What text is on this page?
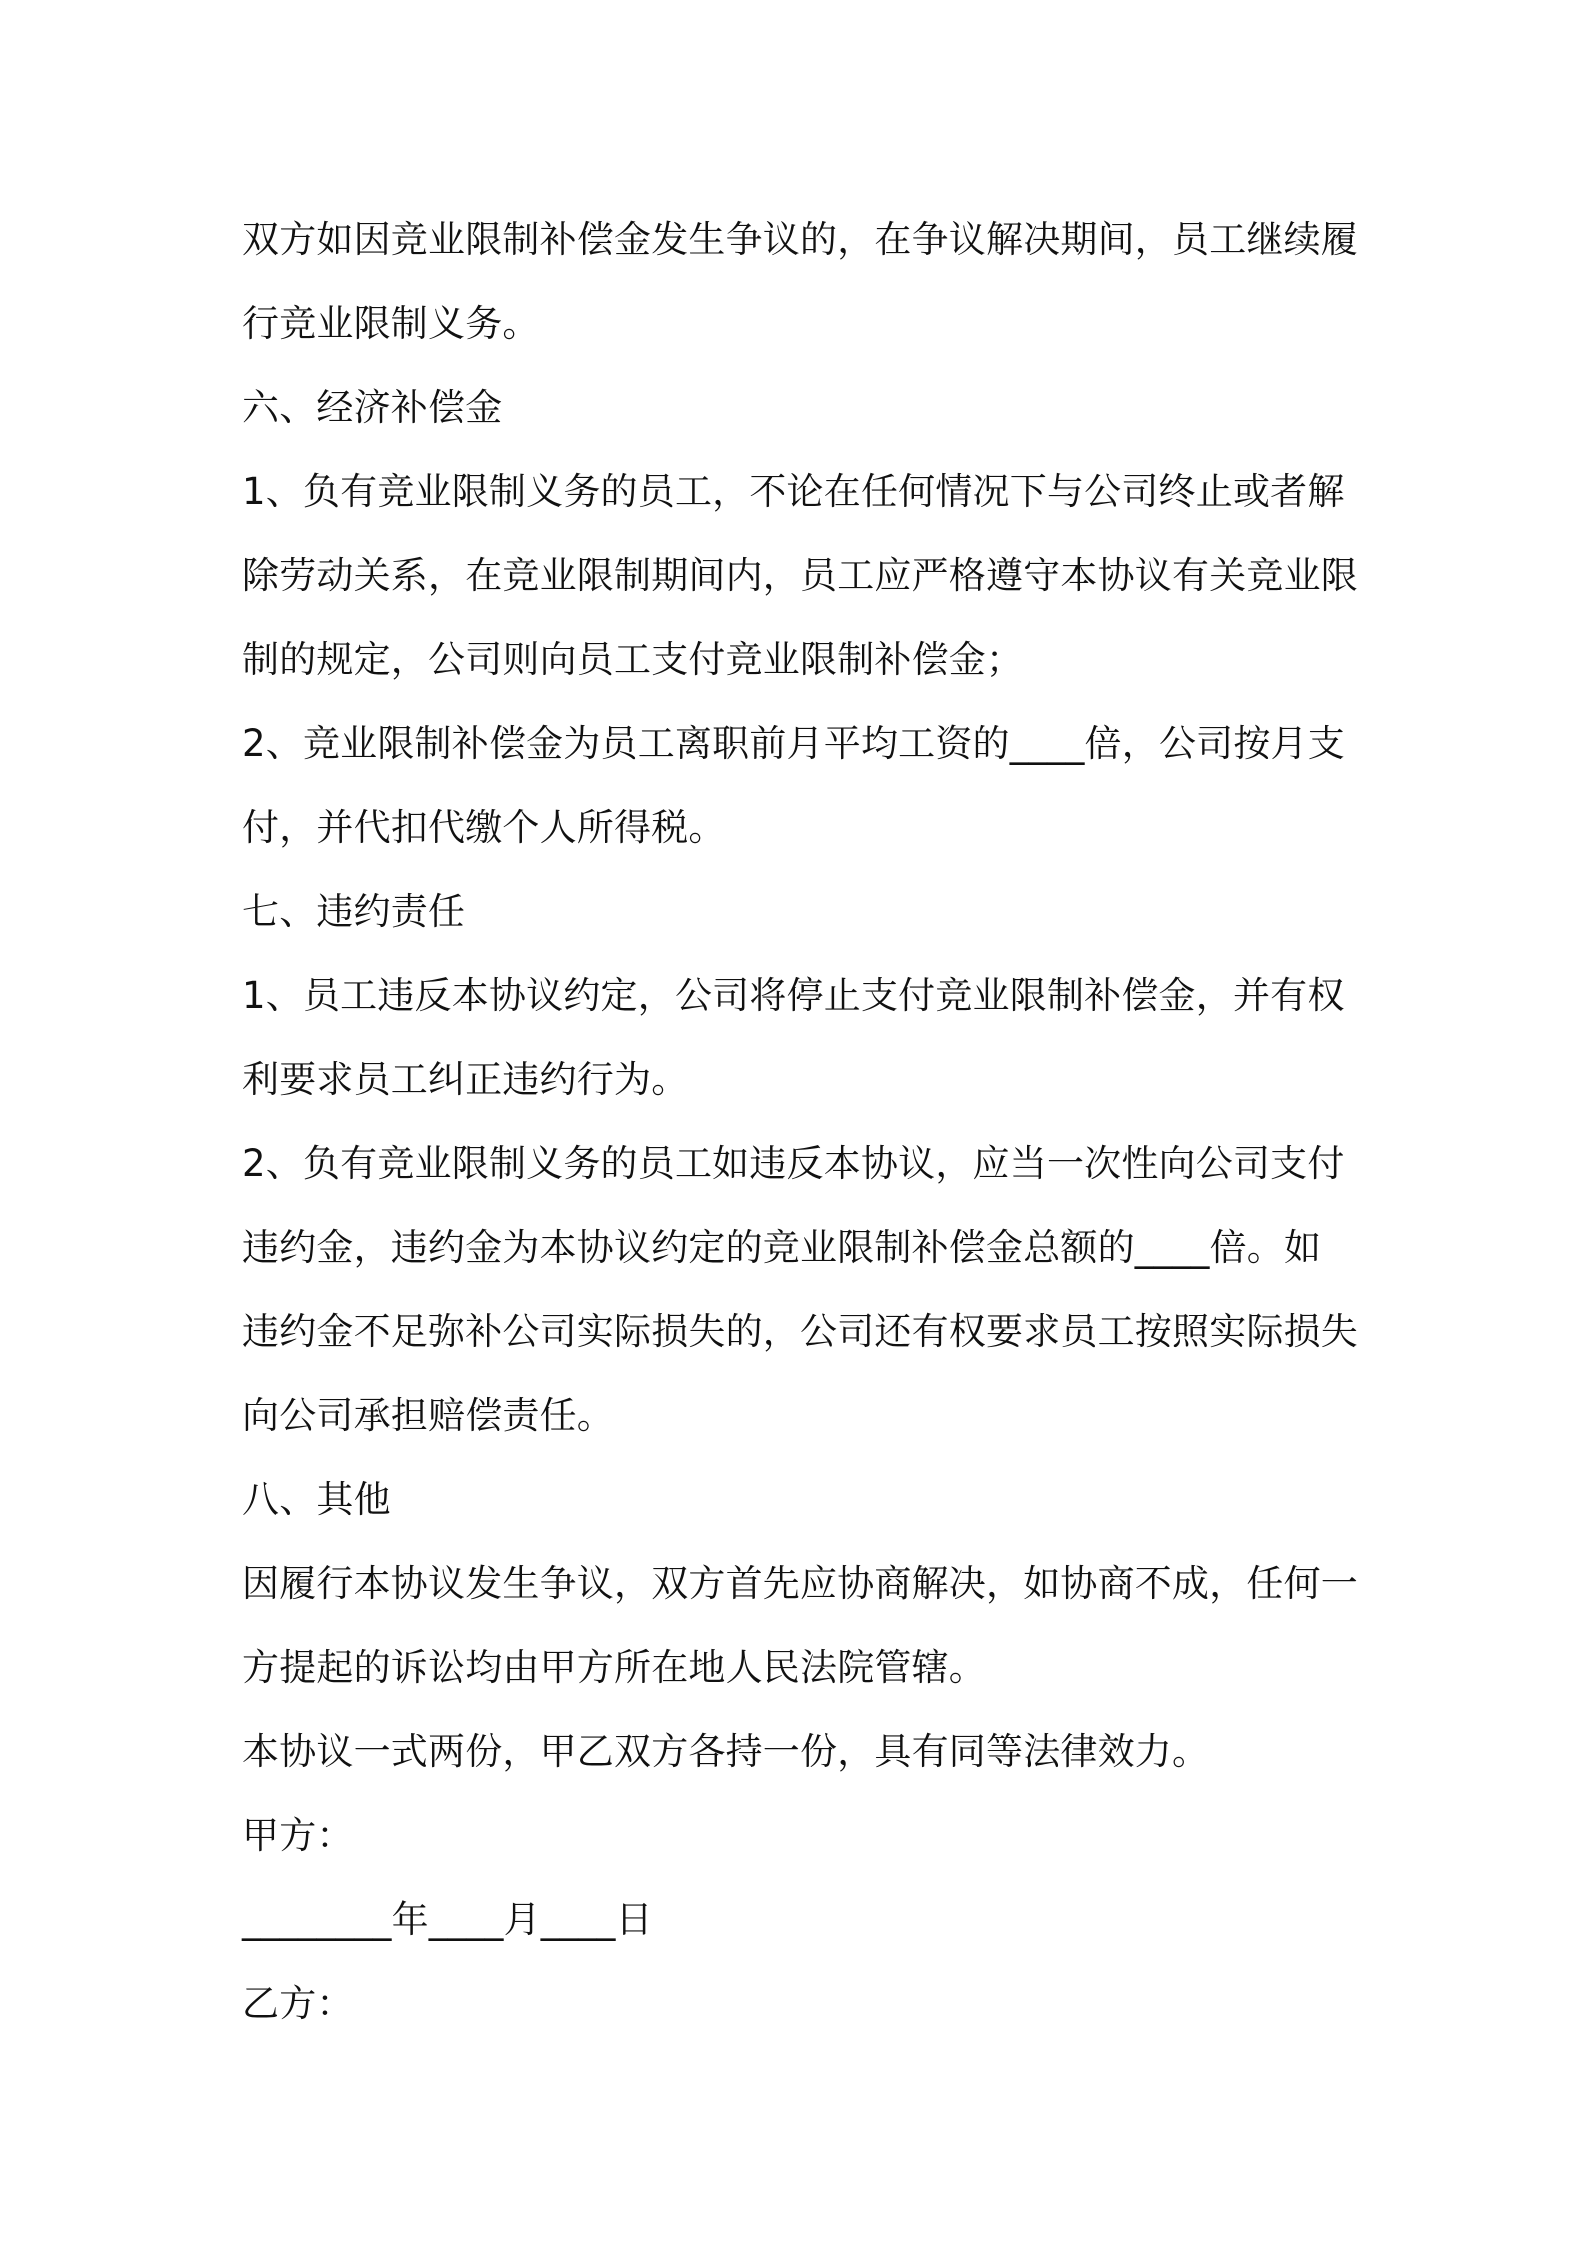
双方如因竞业限制补偿金发生争议的，在争议解决期间，员工继续履

行竞业限制义务。

六、经济补偿金

1、负有竞业限制义务的员工，不论在任何情况下与公司终止或者解

除劳动关系，在竞业限制期间内，员工应严格遵守本协议有关竞业限

制的规定，公司则向员工支付竞业限制补偿金；

2、竞业限制补偿金为员工离职前月平均工资的____倍，公司按月支

付，并代扣代缴个人所得税。

七、违约责任

1、员工违反本协议约定，公司将停止支付竞业限制补偿金，并有权

利要求员工纠正违约行为。

2、负有竞业限制义务的员工如违反本协议，应当一次性向公司支付

违约金，违约金为本协议约定的竞业限制补偿金总额的____倍。如

违约金不足弥补公司实际损失的，公司还有权要求员工按照实际损失

向公司承担赔偿责任。

八、其他

因履行本协议发生争议，双方首先应协商解决，如协商不成，任何一

方提起的诉讼均由甲方所在地人民法院管辖。

本协议一式两份，甲乙双方各持一份，具有同等法律效力。

甲方：

________年____月____日

乙方：
